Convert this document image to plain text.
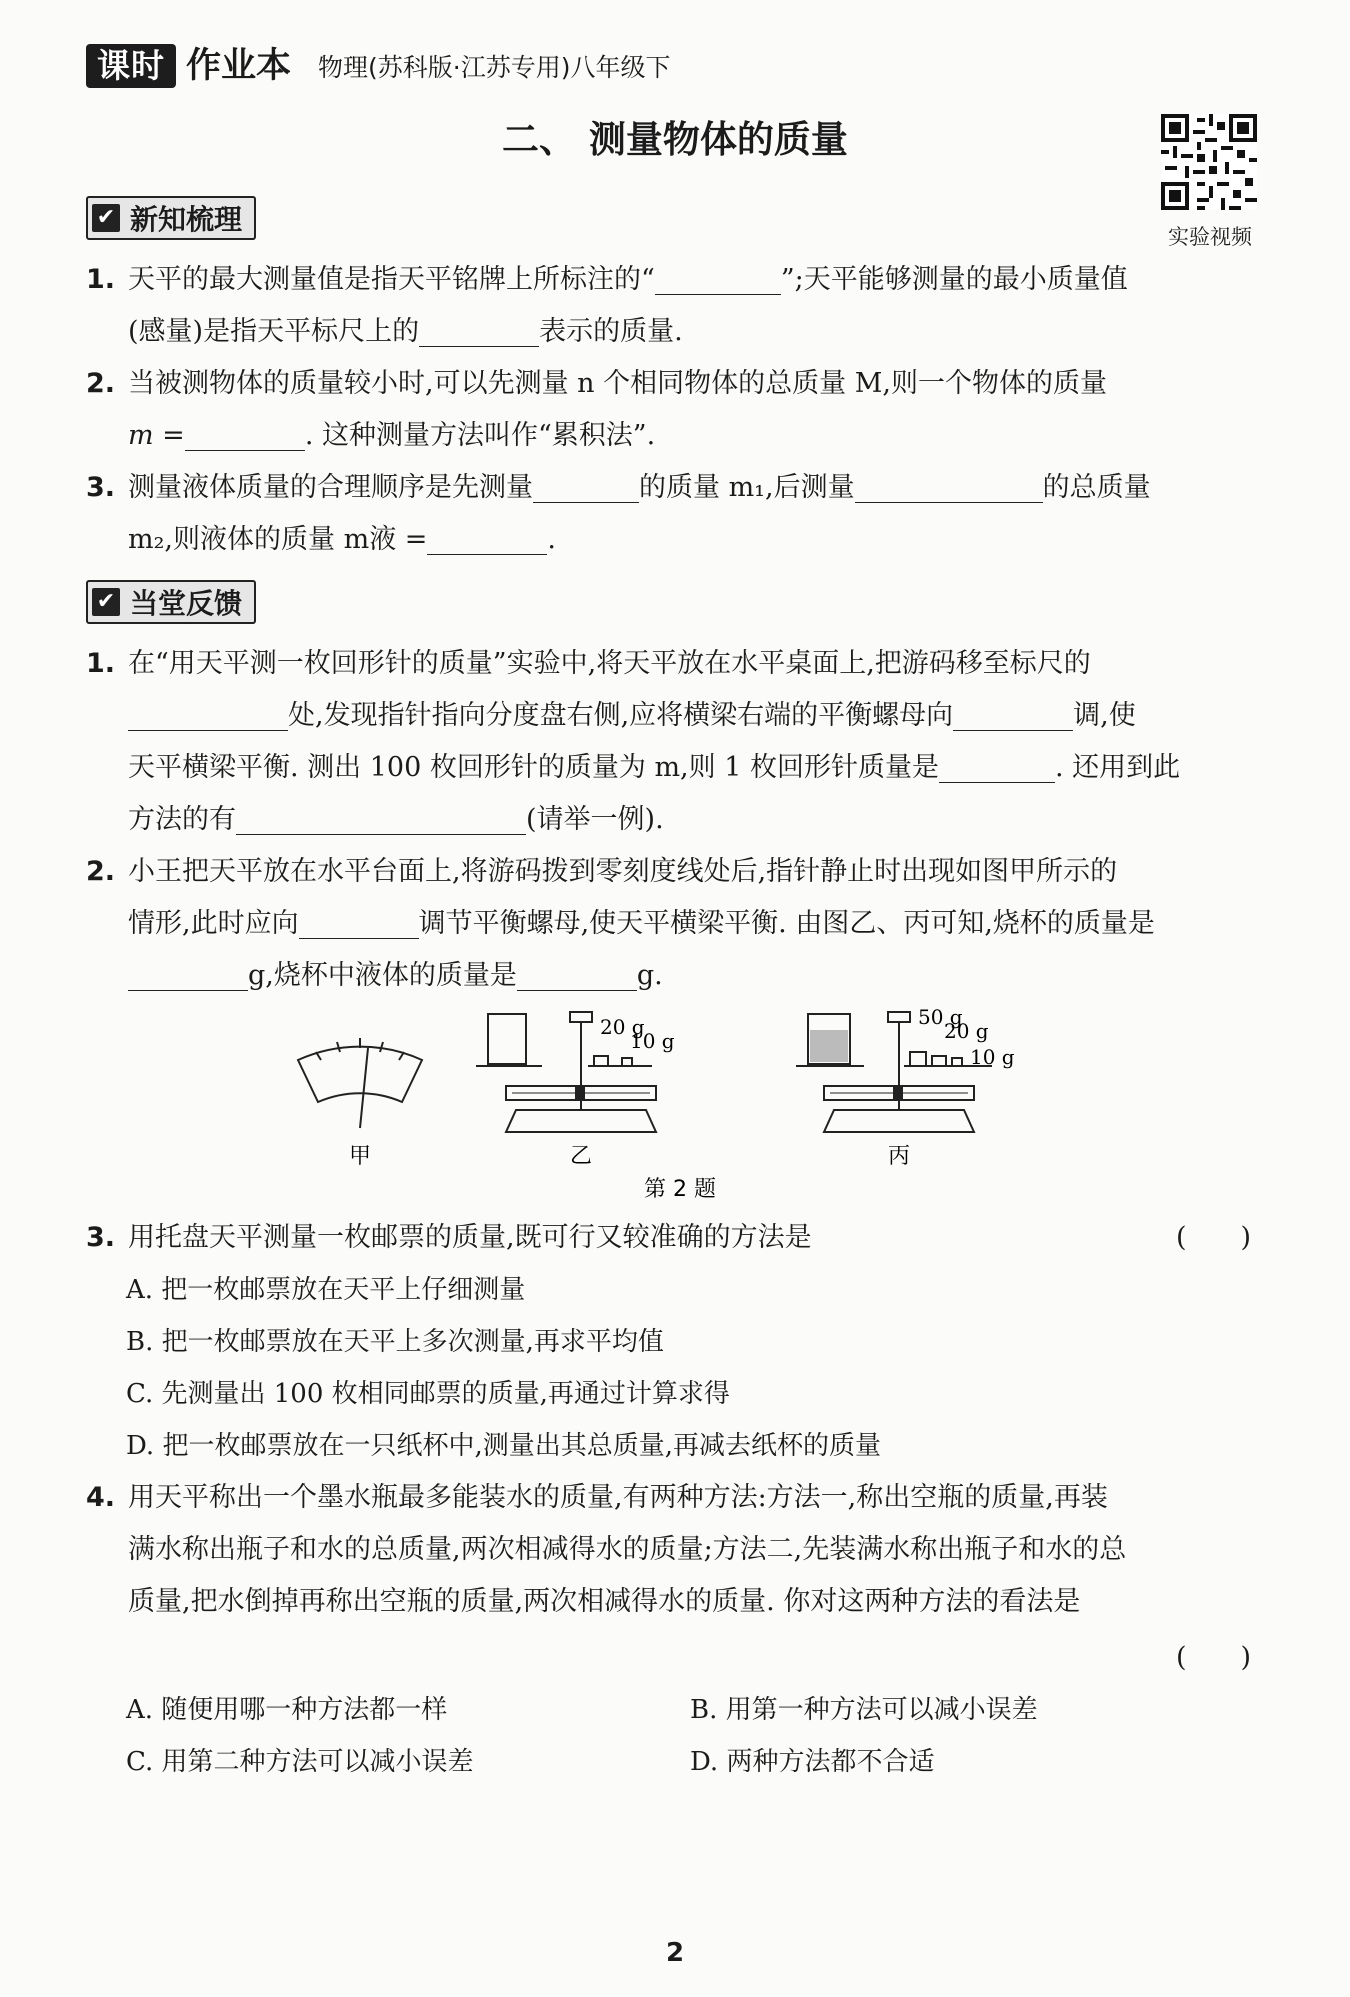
课时 作业本 物理(苏科版·江苏专用)八年级下
二、 测量物体的质量
实验视频
✔ 新知梳理
1. 天平的最大测量值是指天平铭牌上所标注的“	”;天平能够测量的最小质量值
(感量)是指天平标尺上的	表示的质量.
2. 当被测物体的质量较小时,可以先测量 n 个相同物体的总质量 M,则一个物体的质量
m =	. 这种测量方法叫作“累积法”.
3. 测量液体质量的合理顺序是先测量	的质量 m₁,后测量	的总质量
m₂,则液体的质量 m液 =	.
✔ 当堂反馈
1. 在“用天平测一枚回形针的质量”实验中,将天平放在水平桌面上,把游码移至标尺的
处,发现指针指向分度盘右侧,应将横梁右端的平衡螺母向	调,使
天平横梁平衡. 测出 100 枚回形针的质量为 m,则 1 枚回形针质量是	. 还用到此
方法的有	(请举一例).
2. 小王把天平放在水平台面上,将游码拨到零刻度线处后,指针静止时出现如图甲所示的
情形,此时应向	调节平衡螺母,使天平横梁平衡. 由图乙、丙可知,烧杯的质量是
g,烧杯中液体的质量是	g.
甲
20 g
10 g
乙
50 g
20 g
10 g
丙
第 2 题
3. 用托盘天平测量一枚邮票的质量,既可行又较准确的方法是	(　　)
A. 把一枚邮票放在天平上仔细测量
B. 把一枚邮票放在天平上多次测量,再求平均值
C. 先测量出 100 枚相同邮票的质量,再通过计算求得
D. 把一枚邮票放在一只纸杯中,测量出其总质量,再减去纸杯的质量
4. 用天平称出一个墨水瓶最多能装水的质量,有两种方法:方法一,称出空瓶的质量,再装
满水称出瓶子和水的总质量,两次相减得水的质量;方法二,先装满水称出瓶子和水的总
质量,把水倒掉再称出空瓶的质量,两次相减得水的质量. 你对这两种方法的看法是
(　　)
A. 随便用哪一种方法都一样	B. 用第一种方法可以减小误差
C. 用第二种方法可以减小误差	D. 两种方法都不合适
2
